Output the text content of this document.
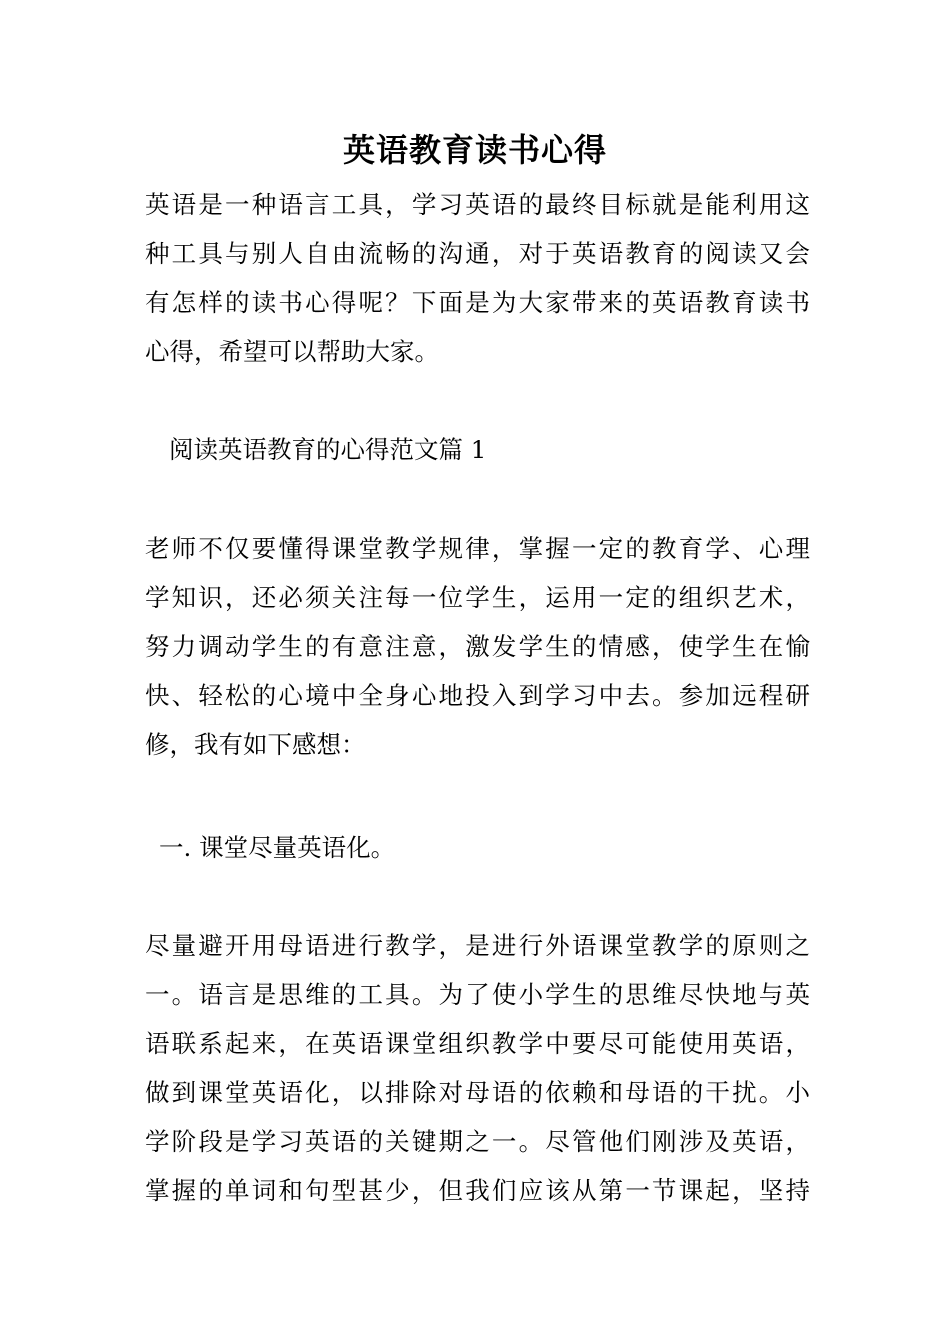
英语教育读书心得
英语是一种语言工具，学习英语的最终目标就是能利用这
种工具与别人自由流畅的沟通，对于英语教育的阅读又会
有怎样的读书心得呢？下面是为大家带来的英语教育读书
心得，希望可以帮助大家。
阅读英语教育的心得范文篇 1
老师不仅要懂得课堂教学规律，掌握一定的教育学、心理
学知识，还必须关注每一位学生，运用一定的组织艺术，
努力调动学生的有意注意，激发学生的情感，使学生在愉
快、轻松的心境中全身心地投入到学习中去。参加远程研
修，我有如下感想：
一. 课堂尽量英语化。
尽量避开用母语进行教学，是进行外语课堂教学的原则之
一。语言是思维的工具。为了使小学生的思维尽快地与英
语联系起来，在英语课堂组织教学中要尽可能使用英语，
做到课堂英语化，以排除对母语的依赖和母语的干扰。小
学阶段是学习英语的关键期之一。尽管他们刚涉及英语，
掌握的单词和句型甚少，但我们应该从第一节课起，坚持
